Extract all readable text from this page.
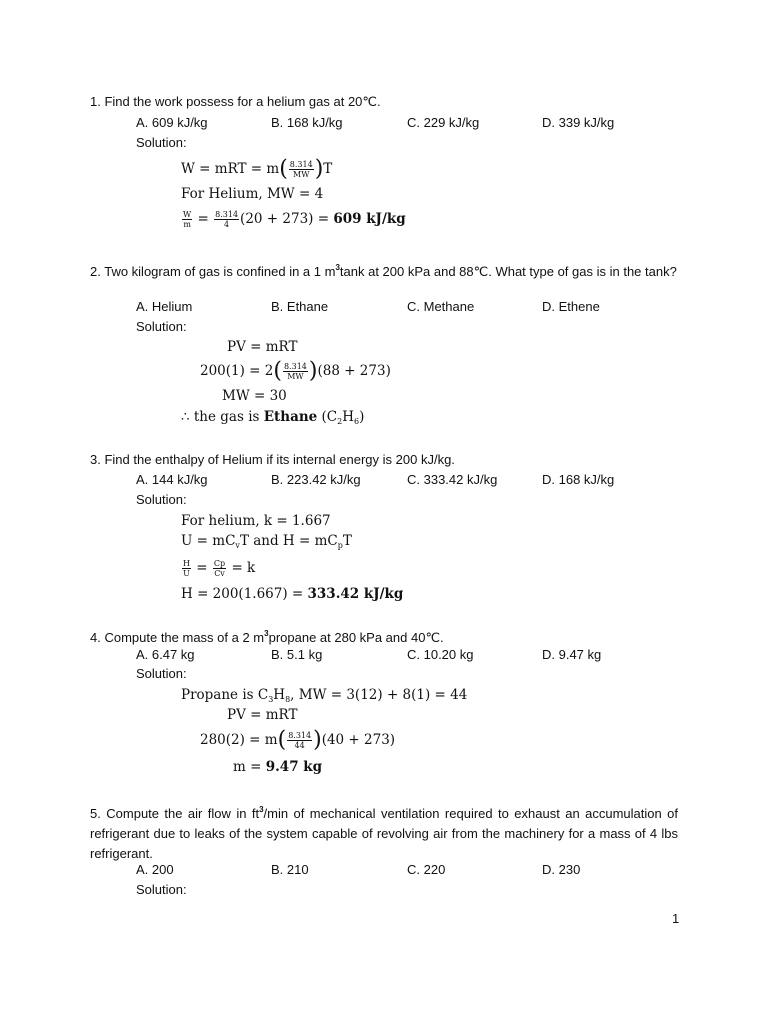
1. Find the work possess for a helium gas at 20℃.
A. 609 kJ/kg	B. 168 kJ/kg	C. 229 kJ/kg	D. 339 kJ/kg
Solution:
W = mRT = $m( \frac{8.314}{MW} )T$
For Helium, MW = 4
$\frac{W}{m} = \frac{8.314}{4} (20 + 273) = 609$ kJ/kg
2. Two kilogram of gas is confined in a 1 $m^3\tan k$ at 200 kPa and 88℃. What type of gas is in the tank?
A. Helium	B. Ethane	C. Methane	D. Ethene
Solution:
PV = mRT
$200(1) = 2( \frac{8.314}{MW} )(88 + 273)$
MW = 30
∴ the gas is Ethane $(C_2H_6)$
3. Find the enthalpy of Helium if its internal energy is 200 kJ/kg.
A. 144 kJ/kg	B. 223.42 kJ/kg	C. 333.42 kJ/kg	D. 168 kJ/kg
Solution:
For helium, k = 1.667
$U = mC_vT$ and $H = mC_pT$
$\frac{H}{U} = \frac{Cp}{Cv} = k$
H = 200(1.667) = 333.42 kJ/kg
4. Compute the mass of a 2 $m^3propane$ at 280 kPa and 40℃.
A. 6.47 kg	B. 5.1 kg	C. 10.20 kg	D. 9.47 kg
Solution:
Propane is $C_3H_8$, MW = 3(12) + 8(1) = 44
PV = mRT
$280(2) = m( \frac{8.314}{44} )(40 + 273)$
m = 9.47 kg
5. Compute the air flow in $ft^3/\min$ of mechanical ventilation required to exhaust an accumulation of refrigerant due to leaks of the system capable of revolving air from the machinery for a mass of 4 lbs refrigerant.
A. 200	B. 210	C. 220	D. 230
Solution:
1
